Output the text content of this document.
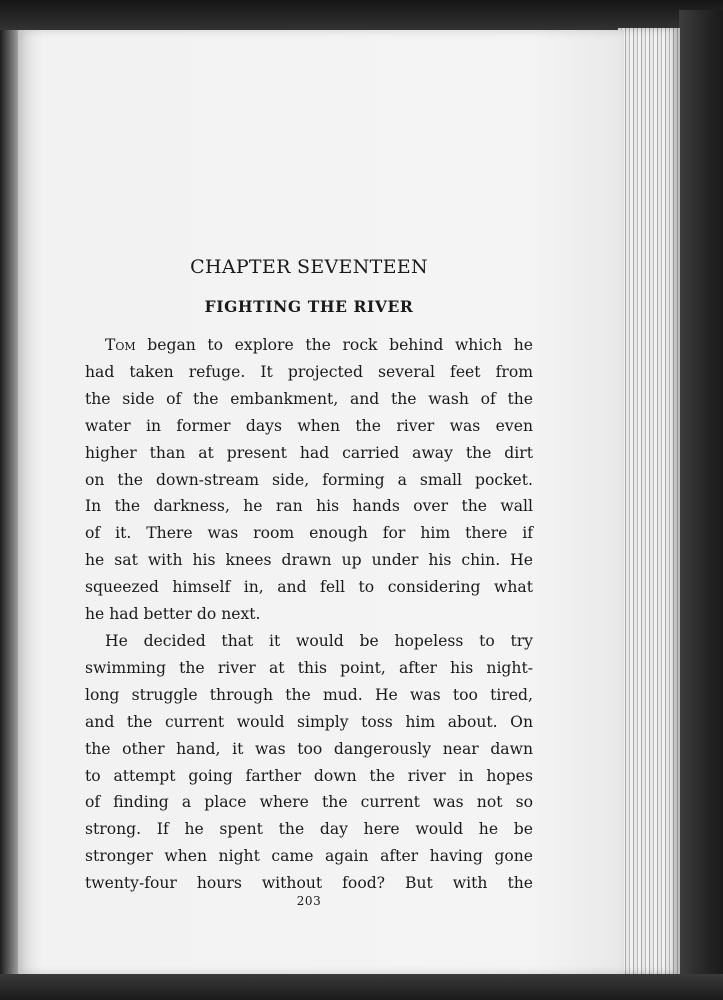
CHAPTER SEVENTEEN
FIGHTING THE RIVER
Tom began to explore the rock behind which he
had taken refuge. It projected several feet from
the side of the embankment, and the wash of the
water in former days when the river was even
higher than at present had carried away the dirt
on the down-stream side, forming a small pocket.
In the darkness, he ran his hands over the wall
of it. There was room enough for him there if
he sat with his knees drawn up under his chin. He
squeezed himself in, and fell to considering what
he had better do next.
He decided that it would be hopeless to try
swimming the river at this point, after his night-
long struggle through the mud. He was too tired,
and the current would simply toss him about. On
the other hand, it was too dangerously near dawn
to attempt going farther down the river in hopes
of finding a place where the current was not so
strong. If he spent the day here would he be
stronger when night came again after having gone
twenty-four hours without food? But with the
203
